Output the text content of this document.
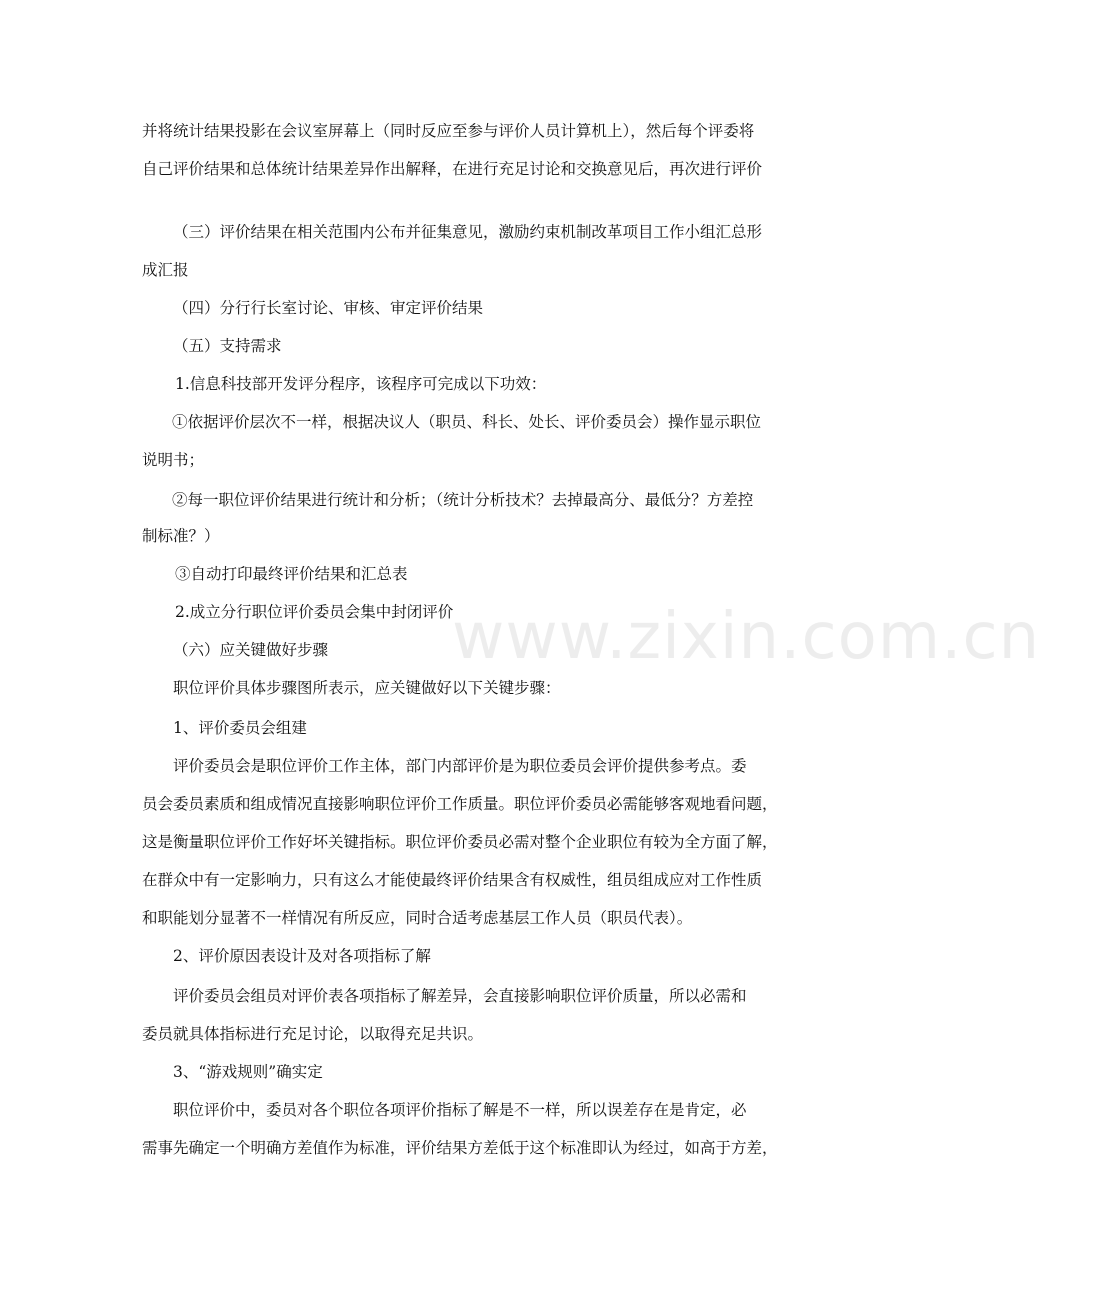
www.zixin.com.cn
并将统计结果投影在会议室屏幕上（同时反应至参与评价人员计算机上），然后每个评委将
自己评价结果和总体统计结果差异作出解释，在进行充足讨论和交换意见后，再次进行评价
（三）评价结果在相关范围内公布并征集意见，激励约束机制改革项目工作小组汇总形
成汇报
（四）分行行长室讨论、审核、审定评价结果
（五）支持需求
1.信息科技部开发评分程序，该程序可完成以下功效：
①依据评价层次不一样，根据决议人（职员、科长、处长、评价委员会）操作显示职位
说明书；
②每一职位评价结果进行统计和分析；（统计分析技术？去掉最高分、最低分？方差控
制标准？）
③自动打印最终评价结果和汇总表
2.成立分行职位评价委员会集中封闭评价
（六）应关键做好步骤
职位评价具体步骤图所表示，应关键做好以下关键步骤：
1、评价委员会组建
评价委员会是职位评价工作主体，部门内部评价是为职位委员会评价提供参考点。委
员会委员素质和组成情况直接影响职位评价工作质量。职位评价委员必需能够客观地看问题，
这是衡量职位评价工作好坏关键指标。职位评价委员必需对整个企业职位有较为全方面了解，
在群众中有一定影响力，只有这么才能使最终评价结果含有权威性，组员组成应对工作性质
和职能划分显著不一样情况有所反应，同时合适考虑基层工作人员（职员代表）。
2、评价原因表设计及对各项指标了解
评价委员会组员对评价表各项指标了解差异，会直接影响职位评价质量，所以必需和
委员就具体指标进行充足讨论，以取得充足共识。
3、“游戏规则”确实定
职位评价中，委员对各个职位各项评价指标了解是不一样，所以误差存在是肯定，必
需事先确定一个明确方差值作为标准，评价结果方差低于这个标准即认为经过，如高于方差，
